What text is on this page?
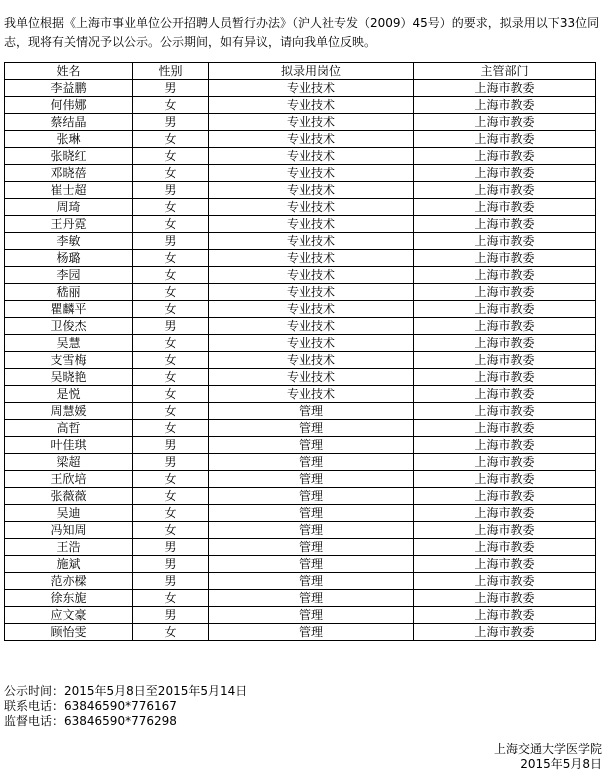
我单位根据《上海市事业单位公开招聘人员暂行办法》（沪人社专发（2009）45号）的要求，拟录用以下33位同志，现将有关情况予以公示。公示期间，如有异议，请向我单位反映。
姓名	性别	拟录用岗位	主管部门
李益鹏	男	专业技术	上海市教委
何伟娜	女	专业技术	上海市教委
蔡结晶	男	专业技术	上海市教委
张琳	女	专业技术	上海市教委
张晓红	女	专业技术	上海市教委
邓晓蓓	女	专业技术	上海市教委
崔士超	男	专业技术	上海市教委
周琦	女	专业技术	上海市教委
王丹霓	女	专业技术	上海市教委
李敏	男	专业技术	上海市教委
杨璐	女	专业技术	上海市教委
李园	女	专业技术	上海市教委
嵇丽	女	专业技术	上海市教委
瞿麟平	女	专业技术	上海市教委
卫俊杰	男	专业技术	上海市教委
吴慧	女	专业技术	上海市教委
支雪梅	女	专业技术	上海市教委
吴晓艳	女	专业技术	上海市教委
是悦	女	专业技术	上海市教委
周慧媛	女	管理	上海市教委
高哲	女	管理	上海市教委
叶佳琪	男	管理	上海市教委
梁超	男	管理	上海市教委
王欣培	女	管理	上海市教委
张薇薇	女	管理	上海市教委
吴迪	女	管理	上海市教委
冯知周	女	管理	上海市教委
王浩	男	管理	上海市教委
施斌	男	管理	上海市教委
范亦樑	男	管理	上海市教委
徐东旎	女	管理	上海市教委
应文豪	男	管理	上海市教委
顾怡雯	女	管理	上海市教委
公示时间：2015年5月8日至2015年5月14日
联系电话：63846590*776167
监督电话：63846590*776298
上海交通大学医学院
2015年5月8日
